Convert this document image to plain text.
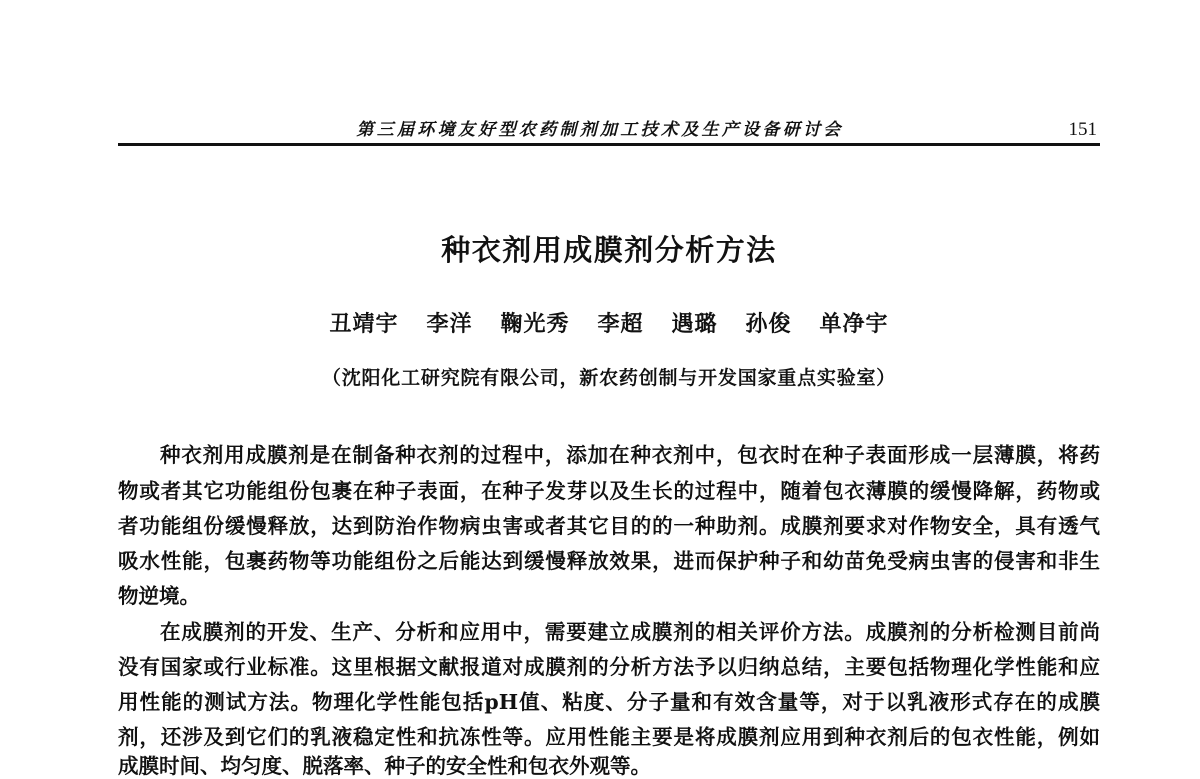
第三届环境友好型农药制剂加工技术及生产设备研讨会	151
种衣剂用成膜剂分析方法
丑靖宇 李洋 鞠光秀 李超 遇璐 孙俊 单净宇
（沈阳化工研究院有限公司，新农药创制与开发国家重点实验室）
种衣剂用成膜剂是在制备种衣剂的过程中，添加在种衣剂中，包衣时在种子表面形成一层薄膜，将药
物或者其它功能组份包裹在种子表面，在种子发芽以及生长的过程中，随着包衣薄膜的缓慢降解，药物或
者功能组份缓慢释放，达到防治作物病虫害或者其它目的的一种助剂。成膜剂要求对作物安全，具有透气
吸水性能，包裹药物等功能组份之后能达到缓慢释放效果，进而保护种子和幼苗免受病虫害的侵害和非生
物逆境。
在成膜剂的开发、生产、分析和应用中，需要建立成膜剂的相关评价方法。成膜剂的分析检测目前尚
没有国家或行业标准。这里根据文献报道对成膜剂的分析方法予以归纳总结，主要包括物理化学性能和应
用性能的测试方法。物理化学性能包括pH值、粘度、分子量和有效含量等，对于以乳液形式存在的成膜
剂，还涉及到它们的乳液稳定性和抗冻性等。应用性能主要是将成膜剂应用到种衣剂后的包衣性能，例如
成膜时间、均匀度、脱落率、种子的安全性和包衣外观等。
